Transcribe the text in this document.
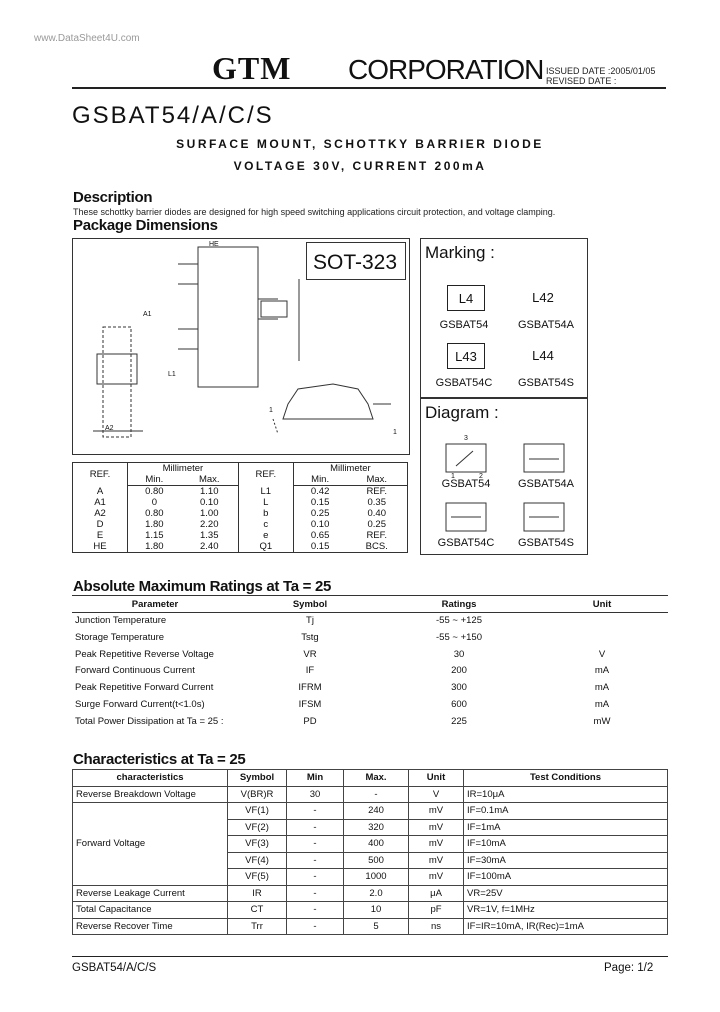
www.DataSheet4U.com
GTM CORPORATION ISSUED DATE :2005/01/05
REVISED DATE :
GSBAT54/A/C/S
SURFACE MOUNT, SCHOTTKY BARRIER DIODE
VOLTAGE 30V, CURRENT 200mA
Description
These schottky barrier diodes are designed for high speed switching applications circuit protection, and voltage clamping.
Package Dimensions
HE
A1
A2
L1
1
1
SOT-323 Marking :
L4
GSBAT54
L42
GSBAT54A
L43
GSBAT54C
L44
GSBAT54S
Diagram :
GSBAT54	GSBAT54A
GSBAT54C	GSBAT54S
3
1	2
REF.	Millimeter		REF.	Millimeter	
	Min.	Max.		Min.	Max.
A	0.80	1.10	L1	0.42	REF.
A1	0	0.10	L	0.15	0.35
A2	0.80	1.00	b	0.25	0.40
D	1.80	2.20	c	0.10	0.25
E	1.15	1.35	e	0.65	REF.
HE	1.80	2.40	Q1	0.15	BCS.
Absolute Maximum Ratings at Ta = 25
Parameter	Symbol	Ratings	Unit
Junction Temperature	Tj	-55 ~ +125	
Storage Temperature	Tstg	-55 ~ +150	
Peak Repetitive Reverse Voltage	VR	30	V
Forward Continuous Current	IF	200	mA
Peak Repetitive Forward Current	IFRM	300	mA
Surge Forward Current(t<1.0s)	IFSM	600	mA
Total Power Dissipation at Ta = 25 :	PD	225	mW
Characteristics at Ta = 25
characteristics	Symbol	Min	Max.	Unit	Test Conditions
Reverse Breakdown Voltage	V(BR)R	30	-	V	IR=10μA
Forward Voltage	VF(1)	-	240	mV	IF=0.1mA
	VF(2)	-	320	mV	IF=1mA
	VF(3)	-	400	mV	IF=10mA
	VF(4)	-	500	mV	IF=30mA
	VF(5)	-	1000	mV	IF=100mA
Reverse Leakage Current	IR	-	2.0	μA	VR=25V
Total Capacitance	CT	-	10	pF	VR=1V, f=1MHz
Reverse Recover Time	Trr	-	5	ns	IF=IR=10mA, IR(Rec)=1mA
GSBAT54/A/C/S	Page: 1/2
